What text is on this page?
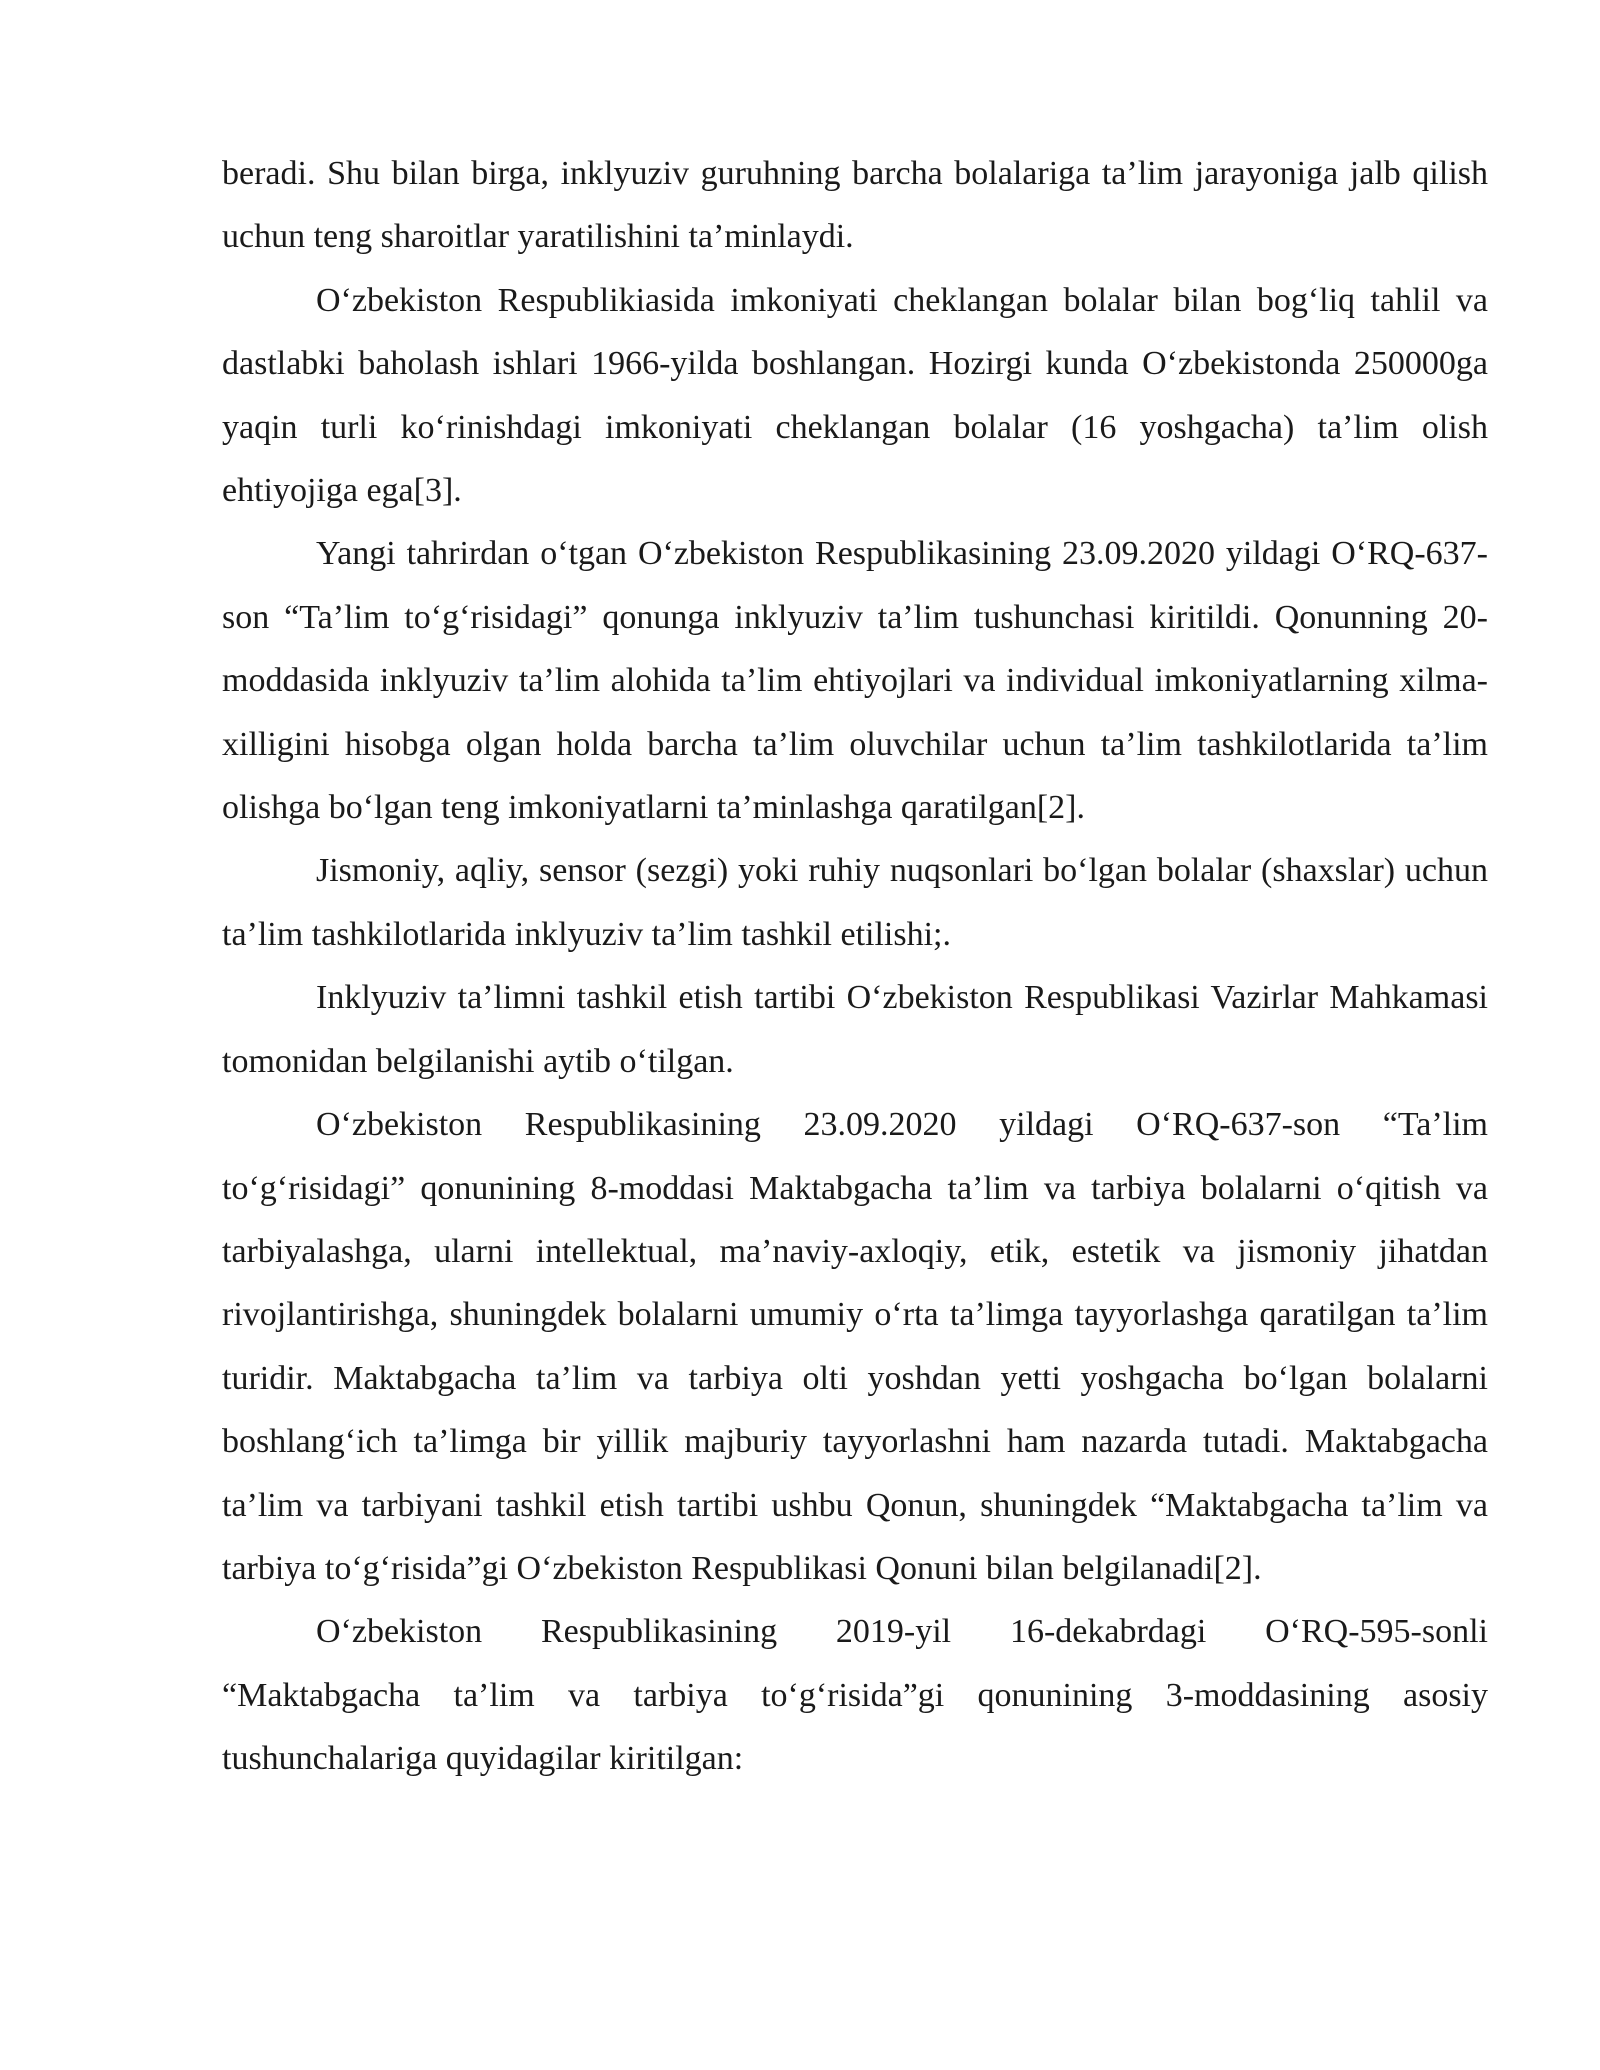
beradi. Shu bilan birga, inklyuziv guruhning barcha bolalariga ta’lim jarayoniga jalb qilish uchun teng sharoitlar yaratilishini ta’minlaydi.

O‘zbekiston Respublikiasida imkoniyati cheklangan bolalar bilan bog‘liq tahlil va dastlabki baholash ishlari 1966-yilda boshlangan. Hozirgi kunda O‘zbekistonda 250000ga yaqin turli ko‘rinishdagi imkoniyati cheklangan bolalar (16 yoshgacha) ta’lim olish ehtiyojiga ega[3].

Yangi tahrirdan o‘tgan O‘zbekiston Respublikasining 23.09.2020 yildagi O‘RQ-637-son “Ta’lim to‘g‘risidagi” qonunga inklyuziv ta’lim tushunchasi kiritildi. Qonunning 20-moddasida inklyuziv ta’lim alohida ta’lim ehtiyojlari va individual imkoniyatlarning xilma-xilligini hisobga olgan holda barcha ta’lim oluvchilar uchun ta’lim tashkilotlarida ta’lim olishga bo‘lgan teng imkoniyatlarni ta’minlashga qaratilgan[2].

Jismoniy, aqliy, sensor (sezgi) yoki ruhiy nuqsonlari bo‘lgan bolalar (shaxslar) uchun ta’lim tashkilotlarida inklyuziv ta’lim tashkil etilishi;.

Inklyuziv ta’limni tashkil etish tartibi O‘zbekiston Respublikasi Vazirlar Mahkamasi tomonidan belgilanishi aytib o‘tilgan.

O‘zbekiston Respublikasining 23.09.2020 yildagi O‘RQ-637-son “Ta’lim to‘g‘risidagi” qonunining 8-moddasi Maktabgacha ta’lim va tarbiya bolalarni o‘qitish va tarbiyalashga, ularni intellektual, ma’naviy-axloqiy, etik, estetik va jismoniy jihatdan rivojlantirishga, shuningdek bolalarni umumiy o‘rta ta’limga tayyorlashga qaratilgan ta’lim turidir. Maktabgacha ta’lim va tarbiya olti yoshdan yetti yoshgacha bo‘lgan bolalarni boshlang‘ich ta’limga bir yillik majburiy tayyorlashni ham nazarda tutadi. Maktabgacha ta’lim va tarbiyani tashkil etish tartibi ushbu Qonun, shuningdek “Maktabgacha ta’lim va tarbiya to‘g‘risida”gi O‘zbekiston Respublikasi Qonuni bilan belgilanadi[2].

O‘zbekiston Respublikasining 2019-yil 16-dekabrdagi O‘RQ-595-sonli “Maktabgacha ta’lim va tarbiya to‘g‘risida”gi qonunining 3-moddasining asosiy tushunchalariga quyidagilar kiritilgan:
